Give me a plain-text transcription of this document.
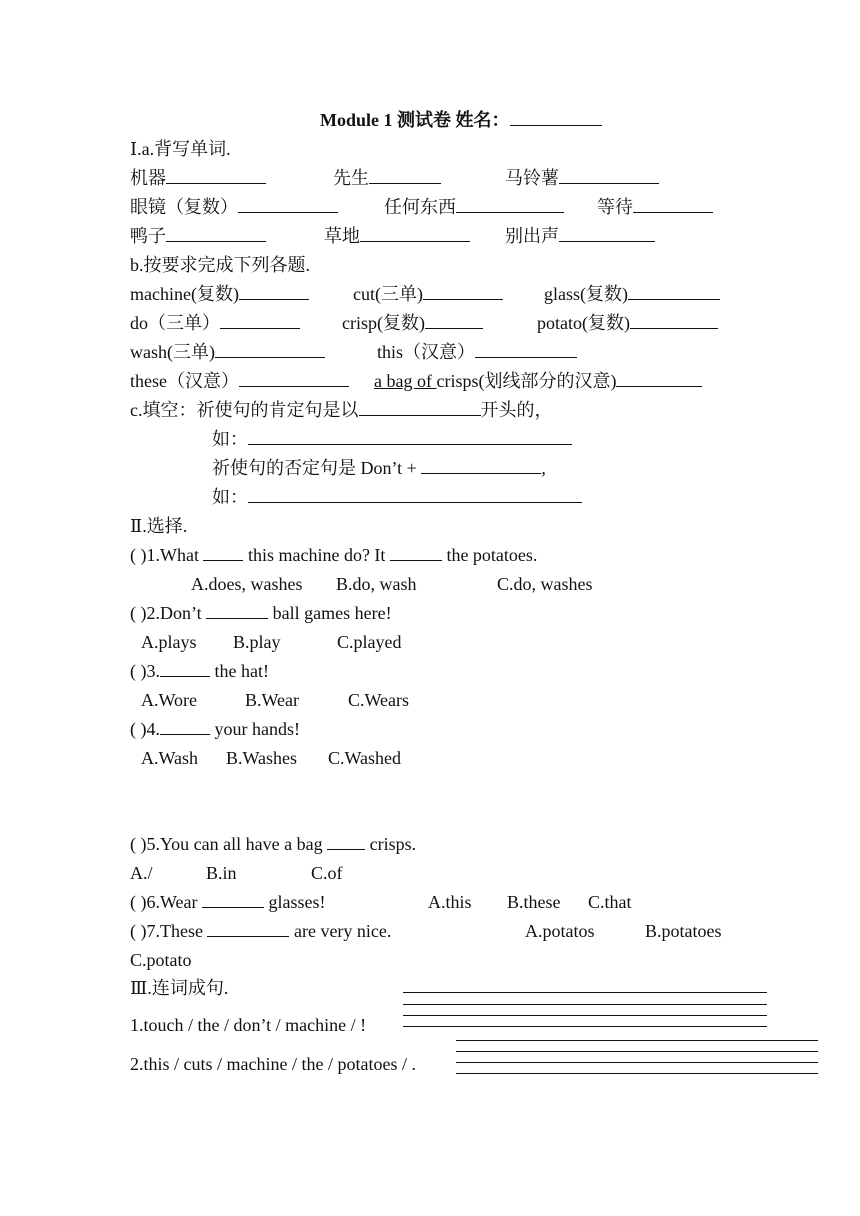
Module 1 测试卷 姓名：
Ⅰ.a.背写单词.
机器	先生	马铃薯
眼镜（复数）	任何东西	等待
鸭子	草地	别出声
b.按要求完成下列各题.
machine(复数)	cut(三单)	glass(复数)
do（三单）	crisp(复数)	potato(复数)
wash(三单)	this（汉意）
these（汉意）	a bag of crisps(划线部分的汉意)
c.填空：祈使句的肯定句是以	开头的，
如：
祈使句的否定句是 Don’t +	,
如：
Ⅱ.选择.
( )1.What  this machine do? It	the potatoes.
A.does, washes B.do, wash	C.do, washes
( )2.Don’t	ball games here!
A.plays B.play	C.played
( )3.	the hat!
A.Wore	B.Wear	C.Wears
( )4.	your hands!
A.Wash B.Washes C.Washed
( )5.You can all have a bag  crisps.
A./	B.in	C.of
( )6.Wear	glasses!	A.this B.these C.that
( )7.These	are very nice.	A.potatos	B.potatoes
C.potato
Ⅲ.连词成句.
1.touch / the / don’t / machine / !
2.this / cuts / machine / the / potatoes / .
